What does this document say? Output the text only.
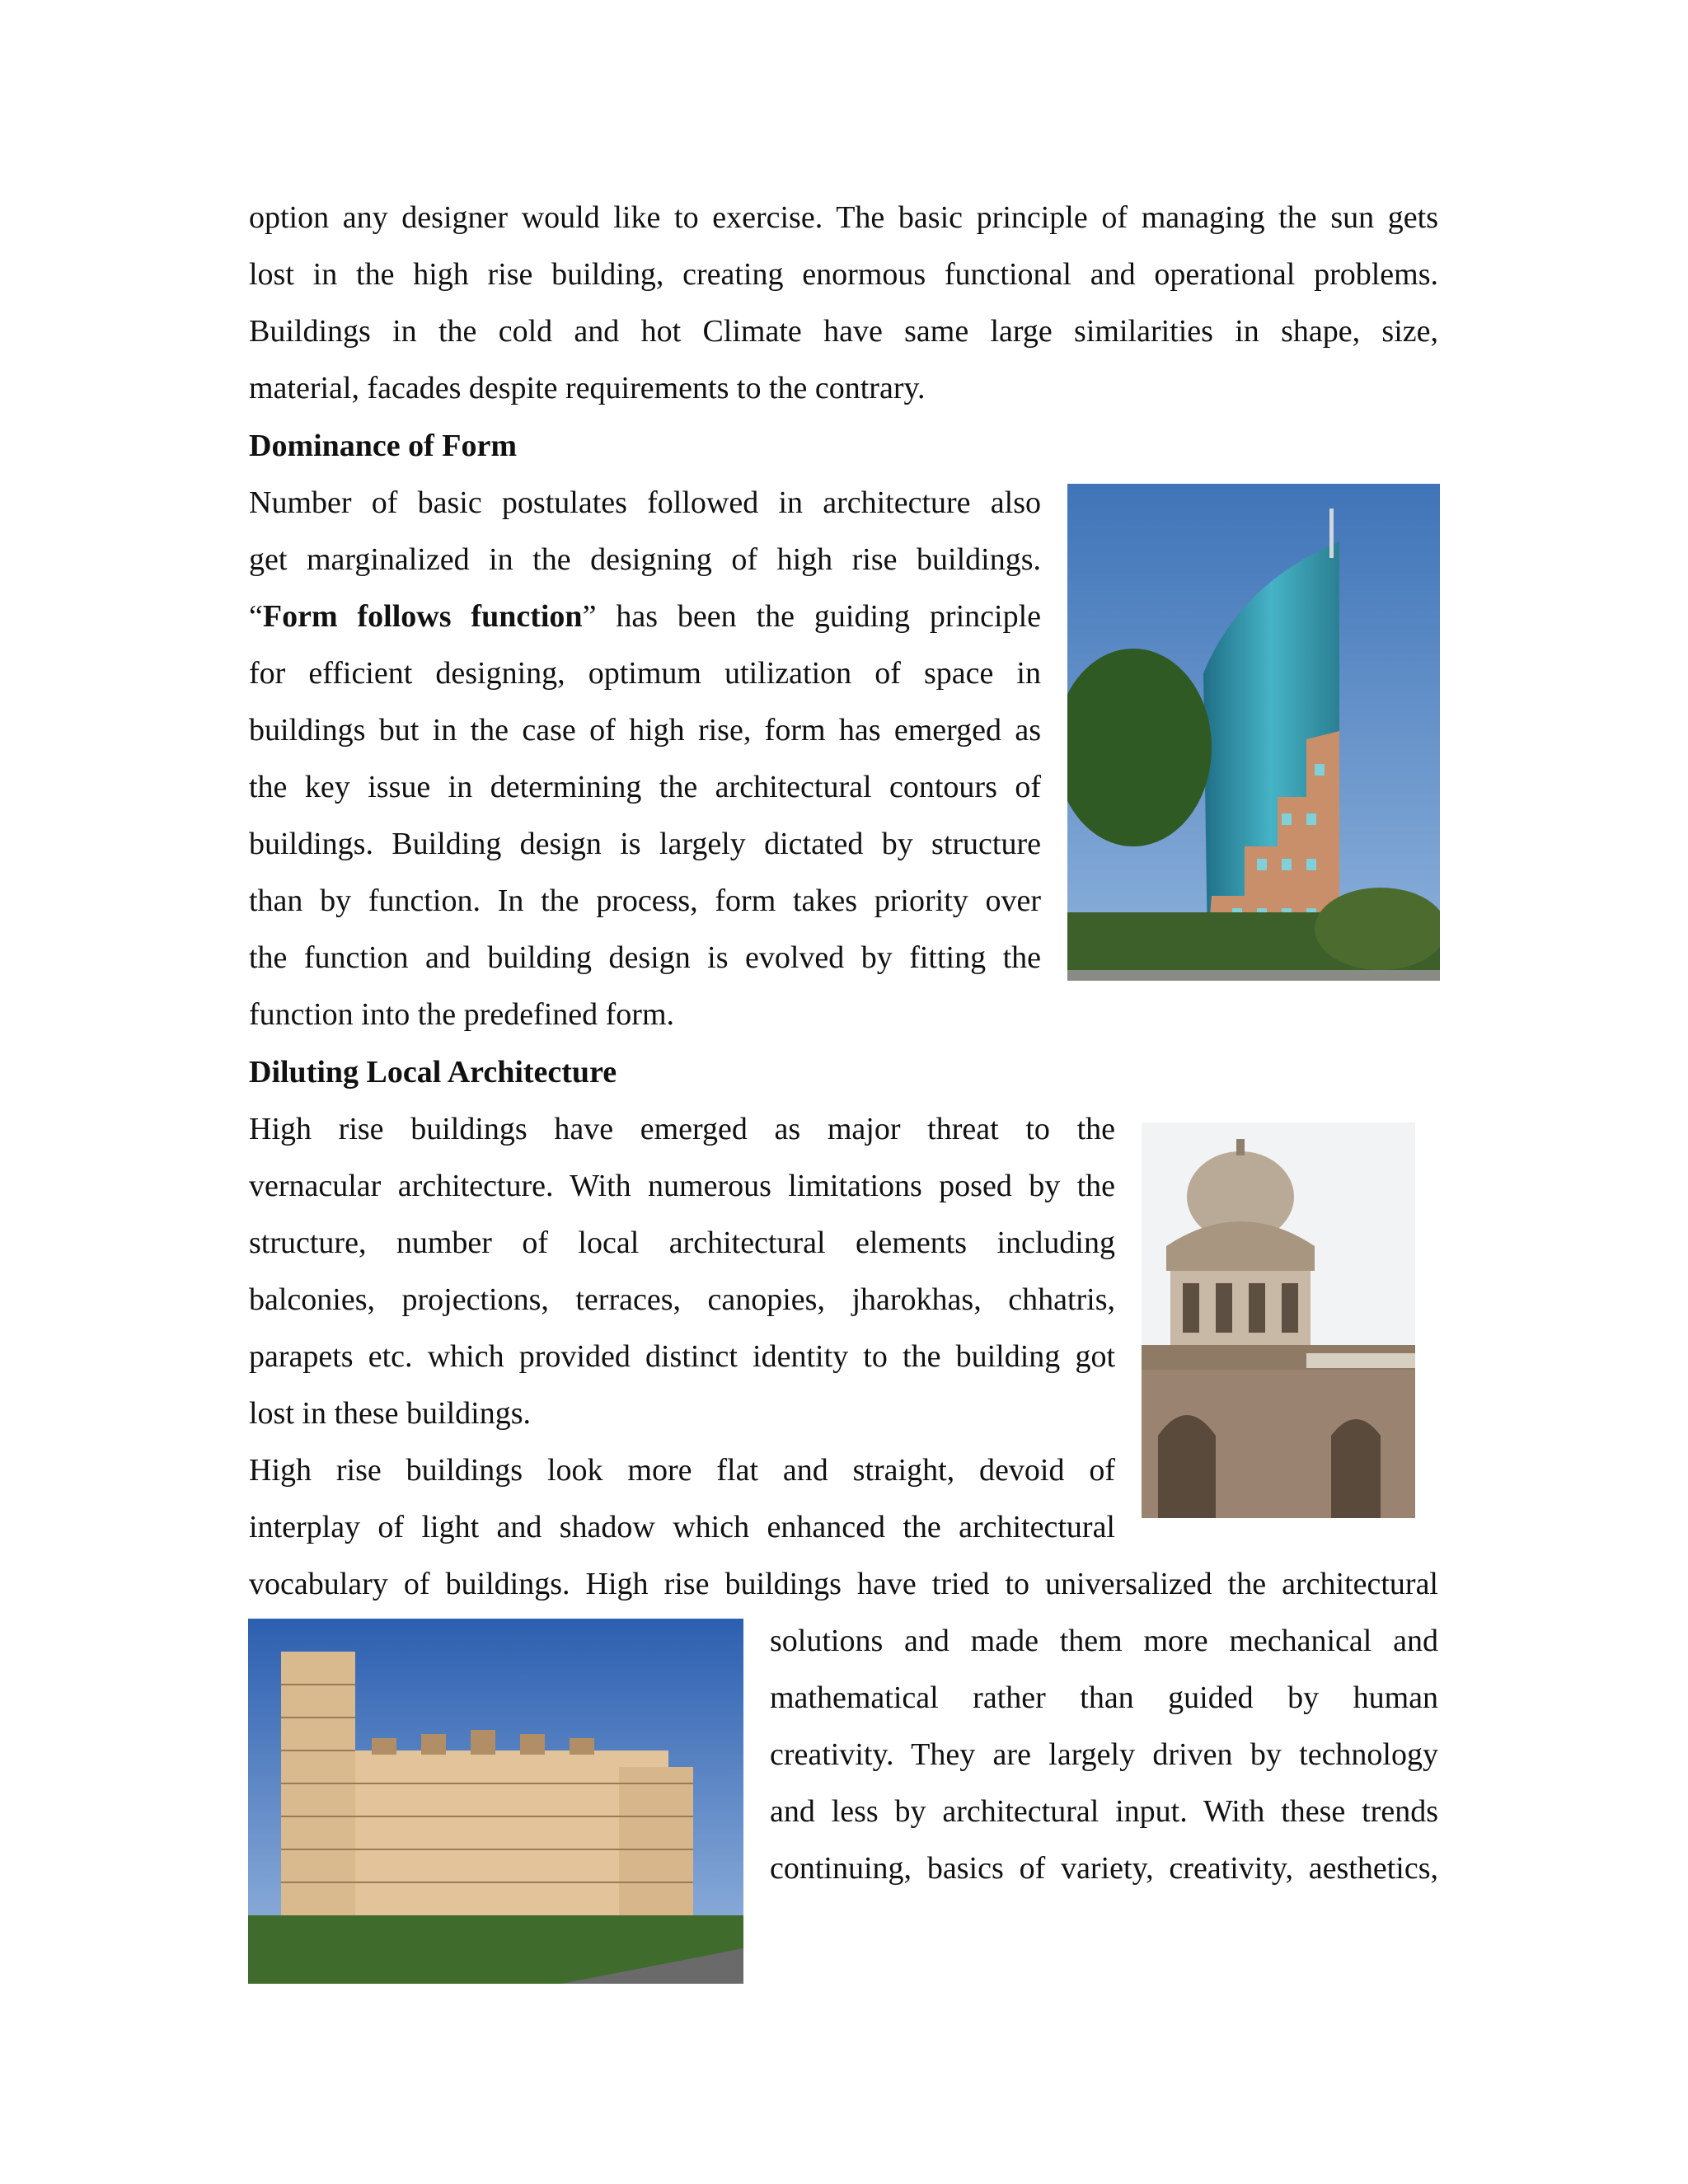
option any designer would like to exercise. The basic principle of managing the sun gets

lost in the high rise building, creating enormous functional and operational problems.

Buildings in the cold and hot Climate have same large similarities in shape, size,

material, facades despite requirements to the contrary.

Dominance of Form

Number of basic postulates followed in architecture also

get marginalized in the designing of high rise buildings.

“Form follows function” has been the guiding principle

for efficient designing, optimum utilization of space in

buildings but in the case of high rise, form has emerged as

the key issue in determining the architectural contours of

buildings. Building design is largely dictated by structure

than by function. In the process, form takes priority over

the function and building design is evolved by fitting the

function into the predefined form.

Diluting Local Architecture

High rise buildings have emerged as major threat to the

vernacular architecture. With numerous limitations posed by the

structure, number of local architectural elements including

balconies, projections, terraces, canopies, jharokhas, chhatris,

parapets etc. which provided distinct identity to the building got

lost in these buildings.

High rise buildings look more flat and straight, devoid of

interplay of light and shadow which enhanced the architectural

vocabulary of buildings. High rise buildings have tried to universalized the architectural

solutions and made them more mechanical and

mathematical rather than guided by human

creativity. They are largely driven by technology

and less by architectural input. With these trends

continuing, basics of variety, creativity, aesthetics,
